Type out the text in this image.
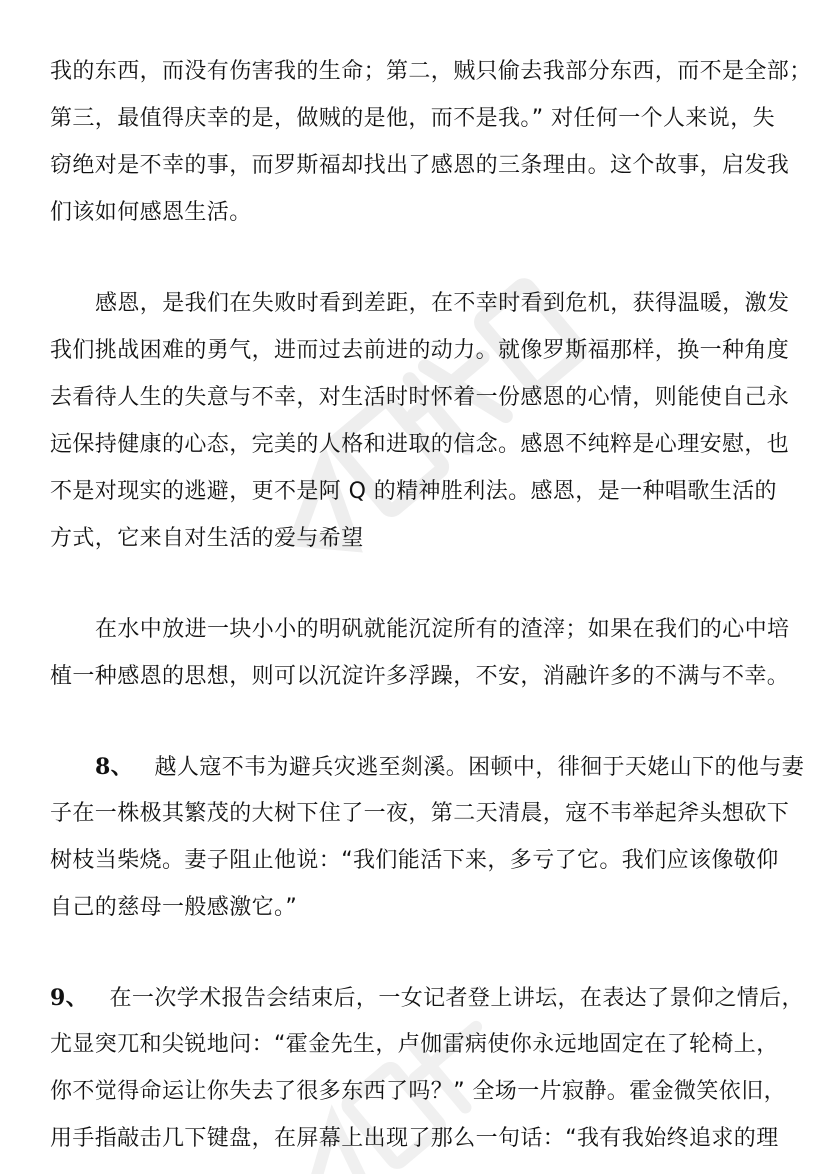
我的东西，而没有伤害我的生命；第二，贼只偷去我部分东西，而不是全部；
第三，最值得庆幸的是，做贼的是他，而不是我。” 对任何一个人来说，失
窃绝对是不幸的事，而罗斯福却找出了感恩的三条理由。这个故事，启发我
们该如何感恩生活。
感恩，是我们在失败时看到差距，在不幸时看到危机，获得温暖，激发
我们挑战困难的勇气，进而过去前进的动力。就像罗斯福那样，换一种角度
去看待人生的失意与不幸，对生活时时怀着一份感恩的心情，则能使自己永
远保持健康的心态，完美的人格和进取的信念。感恩不纯粹是心理安慰，也
不是对现实的逃避，更不是阿 Q 的精神胜利法。感恩，是一种唱歌生活的
方式，它来自对生活的爱与希望
在水中放进一块小小的明矾就能沉淀所有的渣滓；如果在我们的心中培
植一种感恩的思想，则可以沉淀许多浮躁，不安，消融许多的不满与不幸。
8、 越人寇不韦为避兵灾逃至剡溪。困顿中，徘徊于天姥山下的他与妻
子在一株极其繁茂的大树下住了一夜，第二天清晨，寇不韦举起斧头想砍下
树枝当柴烧。妻子阻止他说：“我们能活下来，多亏了它。我们应该像敬仰
自己的慈母一般感激它。”
9、 在一次学术报告会结束后，一女记者登上讲坛，在表达了景仰之情后，
尤显突兀和尖锐地问：“霍金先生，卢伽雷病使你永远地固定在了轮椅上，
你不觉得命运让你失去了很多东西了吗？” 全场一片寂静。霍金微笑依旧，
用手指敲击几下键盘，在屏幕上出现了那么一句话：“我有我始终追求的理
